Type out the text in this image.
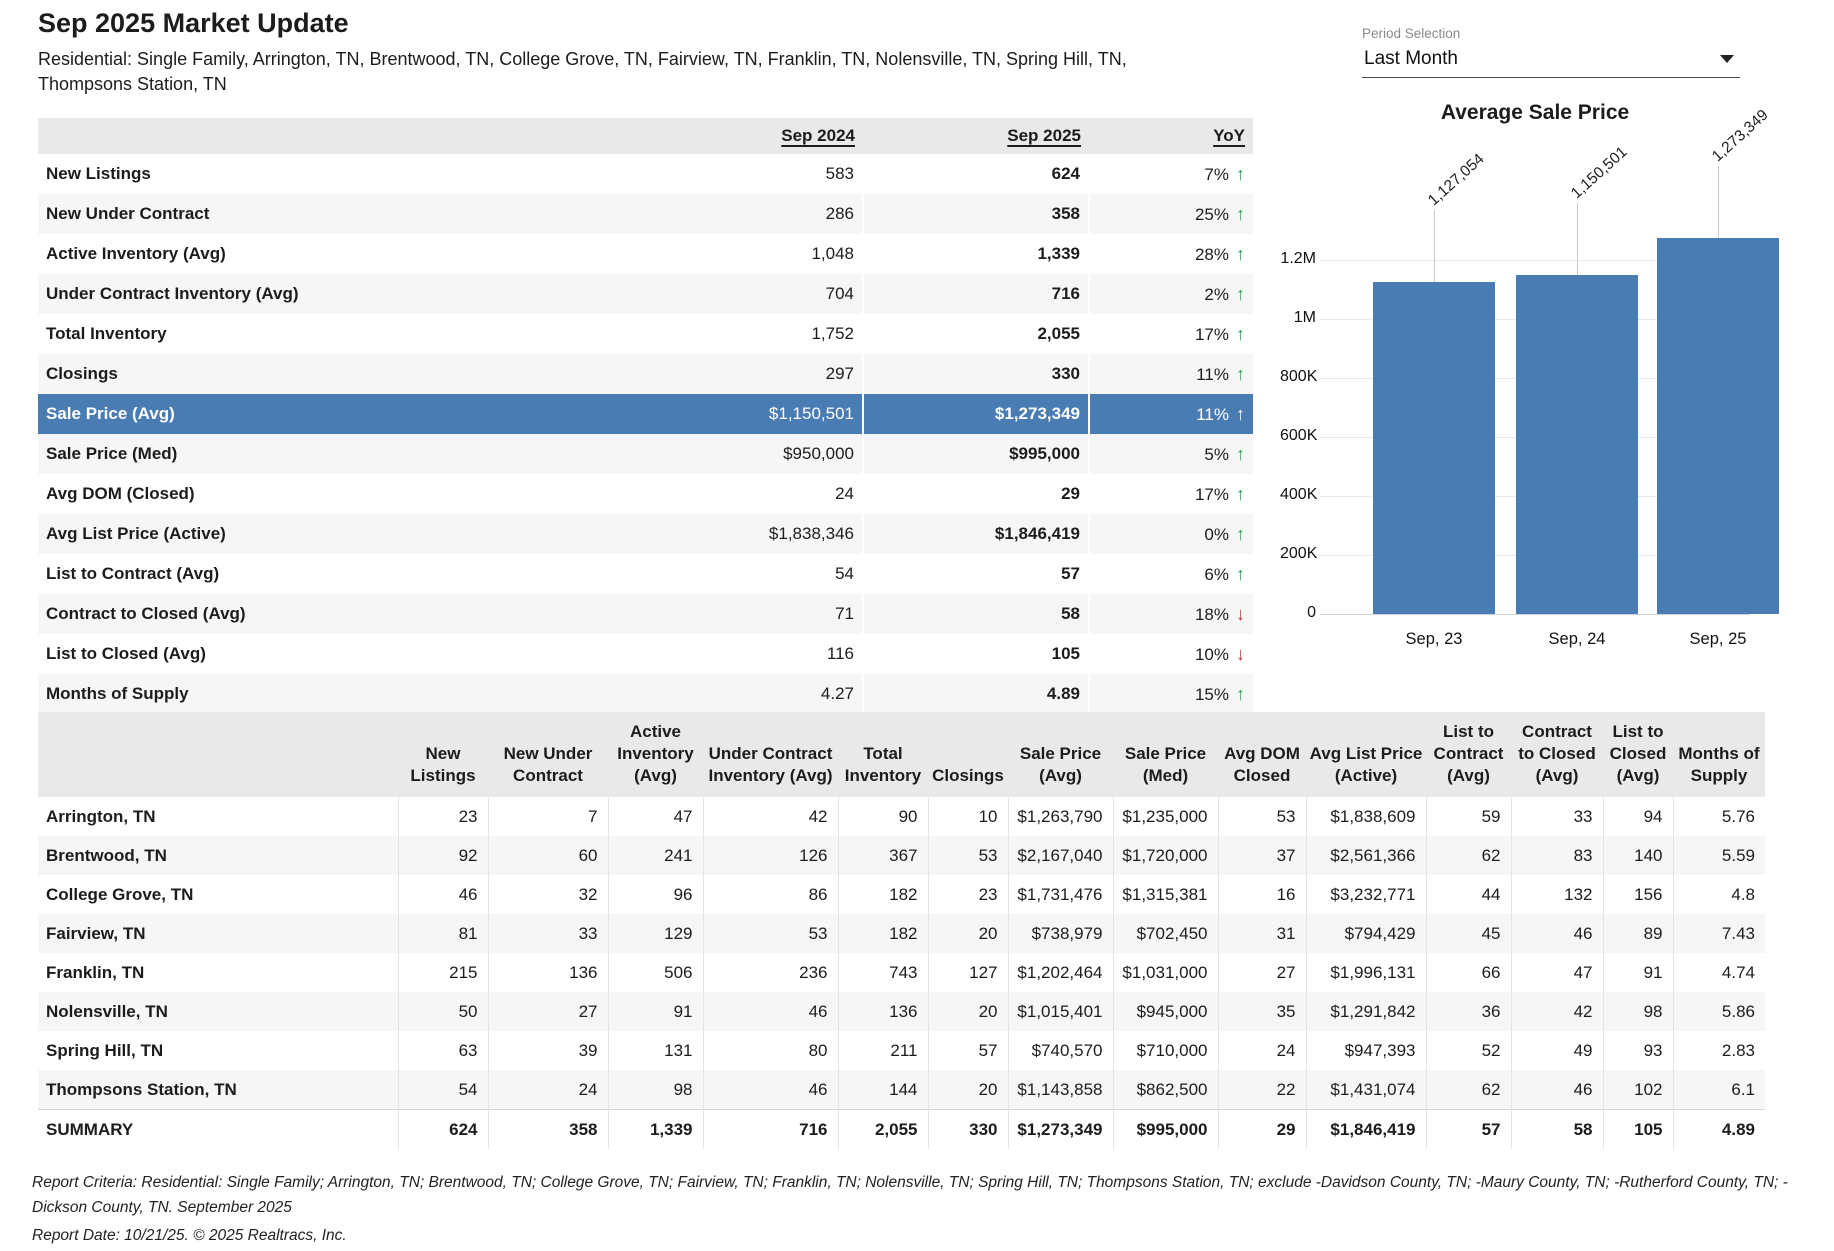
Sep 2025 Market Update
Residential: Single Family, Arrington, TN, Brentwood, TN, College Grove, TN, Fairview, TN, Franklin, TN, Nolensville, TN, Spring Hill, TN, Thompsons Station, TN
Period Selection
Last Month
	Sep 2024	Sep 2025	YoY
New Listings	583	624	7% ↑
New Under Contract	286	358	25% ↑
Active Inventory (Avg)	1,048	1,339	28% ↑
Under Contract Inventory (Avg)	704	716	2% ↑
Total Inventory	1,752	2,055	17% ↑
Closings	297	330	11% ↑
Sale Price (Avg)	$1,150,501	$1,273,349	11% ↑
Sale Price (Med)	$950,000	$995,000	5% ↑
Avg DOM (Closed)	24	29	17% ↑
Avg List Price (Active)	$1,838,346	$1,846,419	0% ↑
List to Contract (Avg)	54	57	6% ↑
Contract to Closed (Avg)	71	58	18% ↓
List to Closed (Avg)	116	105	10% ↓
Months of Supply	4.27	4.89	15% ↑
Average Sale Price
1.2M
1M
800K
600K
400K
200K
0
1,127,054
Sep, 23
1,150,501
Sep, 24
1,273,349
Sep, 25
	New Listings	New Under Contract	Active Inventory (Avg)	Under Contract Inventory (Avg)	Total Inventory	Closings	Sale Price (Avg)	Sale Price (Med)	Avg DOM Closed	Avg List Price (Active)	List to Contract (Avg)	Contract to Closed (Avg)	List to Closed (Avg)	Months of Supply
Arrington, TN	23	7	47	42	90	10	$1,263,790	$1,235,000	53	$1,838,609	59	33	94	5.76
Brentwood, TN	92	60	241	126	367	53	$2,167,040	$1,720,000	37	$2,561,366	62	83	140	5.59
College Grove, TN	46	32	96	86	182	23	$1,731,476	$1,315,381	16	$3,232,771	44	132	156	4.8
Fairview, TN	81	33	129	53	182	20	$738,979	$702,450	31	$794,429	45	46	89	7.43
Franklin, TN	215	136	506	236	743	127	$1,202,464	$1,031,000	27	$1,996,131	66	47	91	4.74
Nolensville, TN	50	27	91	46	136	20	$1,015,401	$945,000	35	$1,291,842	36	42	98	5.86
Spring Hill, TN	63	39	131	80	211	57	$740,570	$710,000	24	$947,393	52	49	93	2.83
Thompsons Station, TN	54	24	98	46	144	20	$1,143,858	$862,500	22	$1,431,074	62	46	102	6.1
SUMMARY	624	358	1,339	716	2,055	330	$1,273,349	$995,000	29	$1,846,419	57	58	105	4.89

Report Criteria: Residential: Single Family; Arrington, TN; Brentwood, TN; College Grove, TN; Fairview, TN; Franklin, TN; Nolensville, TN; Spring Hill, TN; Thompsons Station, TN; exclude -Davidson County, TN; -Maury County, TN; -Rutherford County, TN; -Dickson County, TN. September 2025

Report Date: 10/21/25. © 2025 Realtracs, Inc.
